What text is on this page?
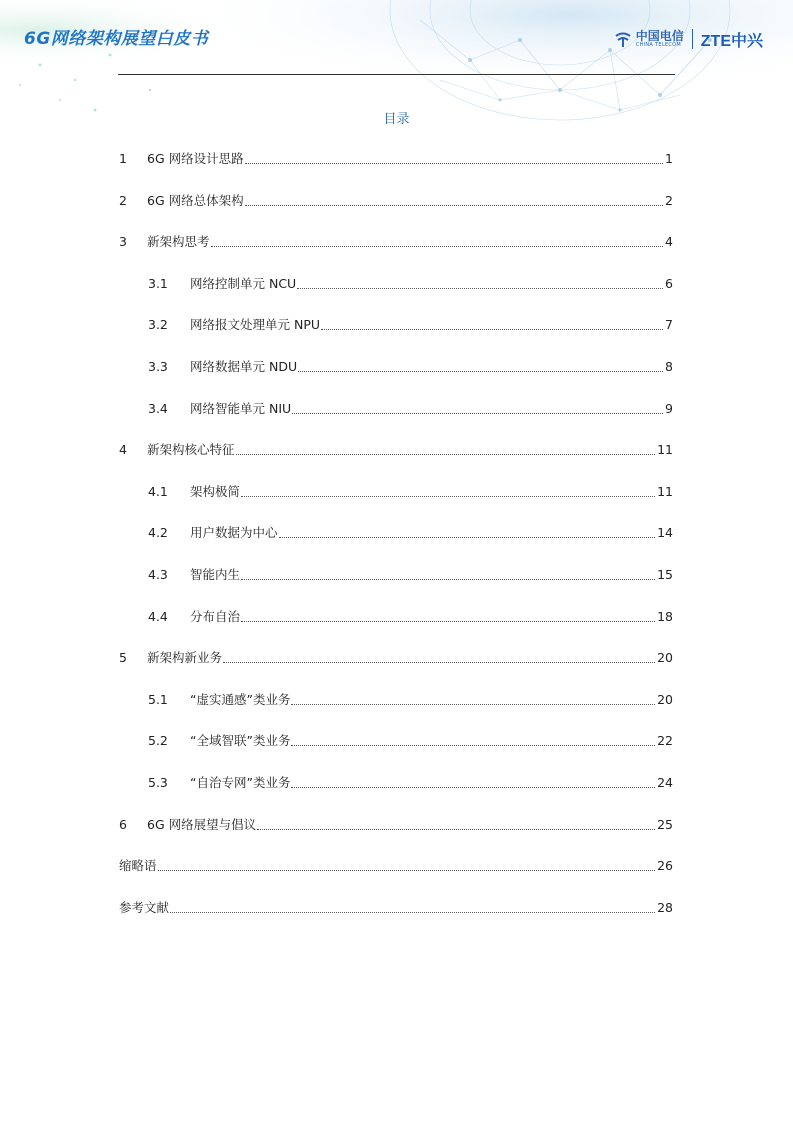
6G网络架构展望白皮书	中国电信
CHINA TELECOM ZTE中兴
目录
1 6G 网络设计思路	1
2 6G 网络总体架构	2
3 新架构思考	4
3.1 网络控制单元 NCU	6
3.2 网络报文处理单元 NPU	7
3.3 网络数据单元 NDU	8
3.4 网络智能单元 NIU	9
4 新架构核心特征	11
4.1 架构极简	11
4.2 用户数据为中心	14
4.3 智能内生	15
4.4 分布自治	18
5 新架构新业务	20
5.1 “虚实通感”类业务	20
5.2 “全域智联”类业务	22
5.3 “自治专网”类业务	24
6 6G 网络展望与倡议	25
缩略语	26
参考文献	28
